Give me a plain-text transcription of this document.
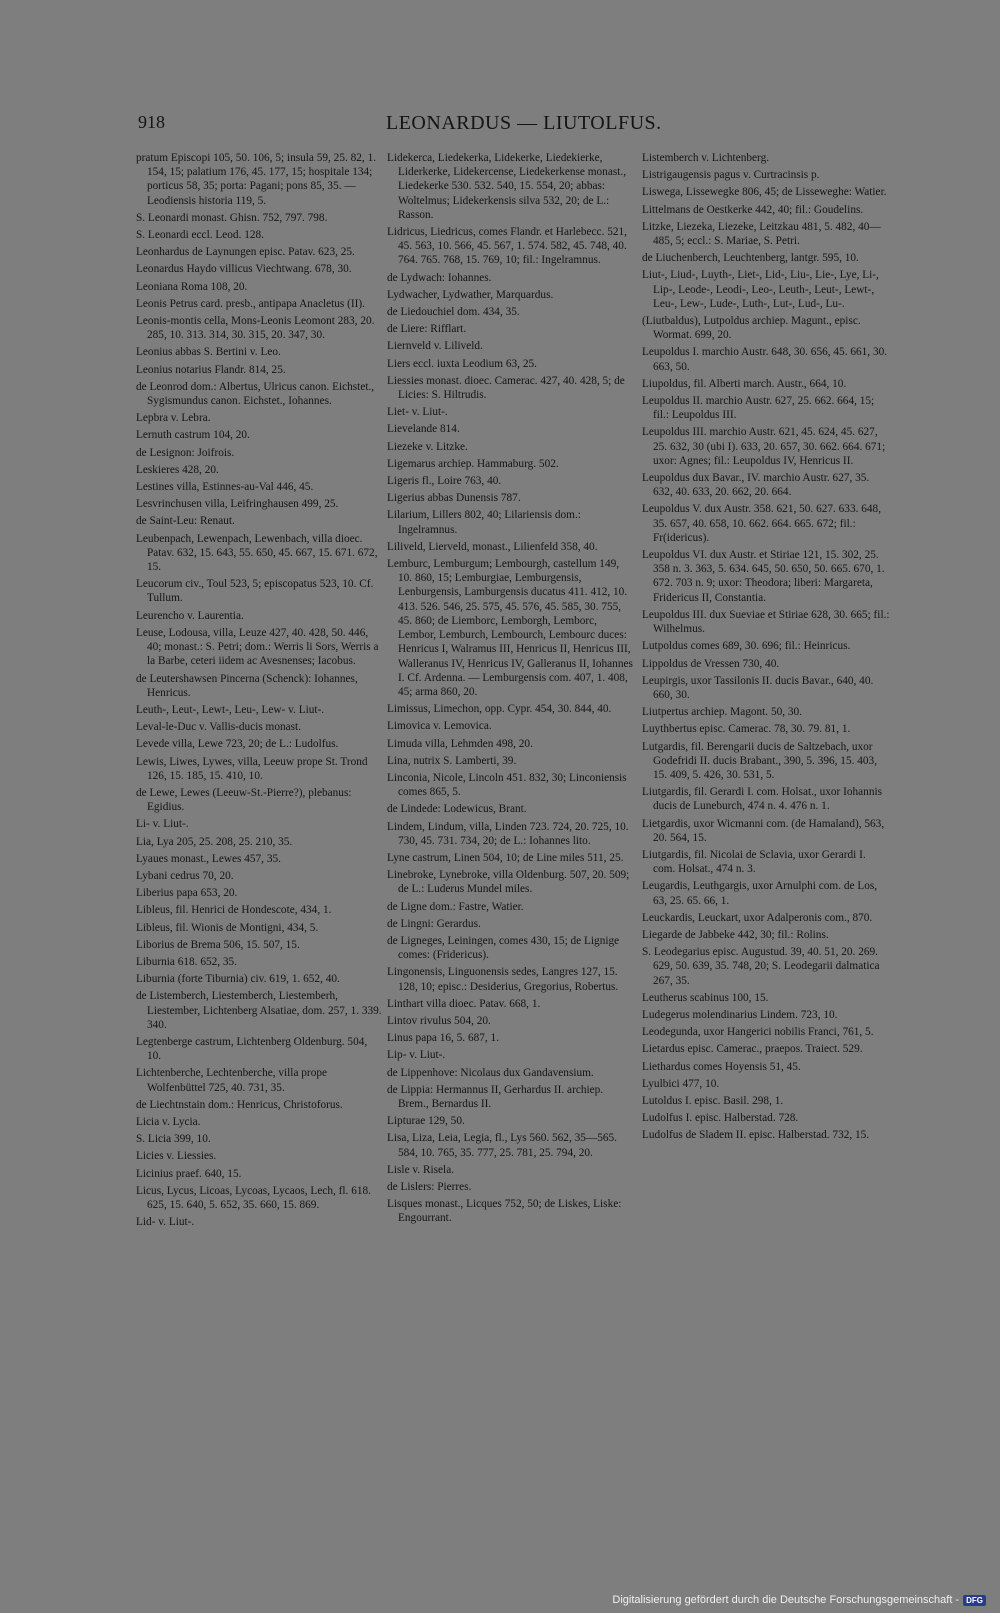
918	LEONARDUS — LIUTOLFUS.
pratum Episcopi 105, 50. 106, 5; insula 59, 25. 82, 1. 154, 15; palatium 176, 45. 177, 15; hospitale 134; porticus 58, 35; porta: Pagani; pons 85, 35. — Leodiensis historia 119, 5.
S. Leonardi monast. Ghisn. 752, 797. 798.
S. Leonardi eccl. Leod. 128.
Leonhardus de Laynungen episc. Patav. 623, 25.
Leonardus Haydo villicus Viechtwang. 678, 30.
Leoniana Roma 108, 20.
Leonis Petrus card. presb., antipapa Anacletus (II).
Leonis-montis cella, Mons-Leonis Leomont 283, 20. 285, 10. 313. 314, 30. 315, 20. 347, 30.
Leonius abbas S. Bertini v. Leo.
Leonius notarius Flandr. 814, 25.
de Leonrod dom.: Albertus, Ulricus canon. Eichstet., Sygismundus canon. Eichstet., Iohannes.
Lepbra v. Lebra.
Lernuth castrum 104, 20.
de Lesignon: Joifrois.
Leskieres 428, 20.
Lestines villa, Estinnes-au-Val 446, 45.
Lesvrinchusen villa, Leifringhausen 499, 25.
de Saint-Leu: Renaut.
Leubenpach, Lewenpach, Lewenbach, villa dioec. Patav. 632, 15. 643, 55. 650, 45. 667, 15. 671. 672, 15.
Leucorum civ., Toul 523, 5; episcopatus 523, 10. Cf. Tullum.
Leurencho v. Laurentia.
Leuse, Lodousa, villa, Leuze 427, 40. 428, 50. 446, 40; monast.: S. Petri; dom.: Werris li Sors, Werris a la Barbe, ceteri iidem ac Avesnenses; Iacobus.
de Leutershawsen Pincerna (Schenck): Iohannes, Henricus.
Leuth-, Leut-, Lewt-, Leu-, Lew- v. Liut-.
Leval-le-Duc v. Vallis-ducis monast.
Levede villa, Lewe 723, 20; de L.: Ludolfus.
Lewis, Liwes, Lywes, villa, Leeuw prope St. Trond 126, 15. 185, 15. 410, 10.
de Lewe, Lewes (Leeuw-St.-Pierre?), plebanus: Egidius.
Li- v. Liut-.
Lia, Lya 205, 25. 208, 25. 210, 35.
Lyaues monast., Lewes 457, 35.
Lybani cedrus 70, 20.
Liberius papa 653, 20.
Libleus, fil. Henrici de Hondescote, 434, 1.
Libleus, fil. Wionis de Montigni, 434, 5.
Liborius de Brema 506, 15. 507, 15.
Liburnia 618. 652, 35.
Liburnia (forte Tiburnia) civ. 619, 1. 652, 40.
de Listemberch, Liestemberch, Liestemberh, Liestember, Lichtenberg Alsatiae, dom. 257, 1. 339. 340.
Legtenberge castrum, Lichtenberg Oldenburg. 504, 10.
Lichtenberche, Lechtenberche, villa prope Wolfenbüttel 725, 40. 731, 35.
de Liechtnstain dom.: Henricus, Christoforus.
Licia v. Lycia.
S. Licia 399, 10.
Licies v. Liessies.
Licinius praef. 640, 15.
Licus, Lycus, Licoas, Lycoas, Lycaos, Lech, fl. 618. 625, 15. 640, 5. 652, 35. 660, 15. 869.
Lid- v. Liut-.
Lidekerca, Liedekerka, Lidekerke, Liedekierke, Liderkerke, Lidekercense, Liedekerkense monast., Liedekerke 530. 532. 540, 15. 554, 20; abbas: Woltelmus; Lidekerkensis silva 532, 20; de L.: Rasson.
Lidricus, Liedricus, comes Flandr. et Harlebecc. 521, 45. 563, 10. 566, 45. 567, 1. 574. 582, 45. 748, 40. 764. 765. 768, 15. 769, 10; fil.: Ingelramnus.
de Lydwach: Iohannes.
Lydwacher, Lydwather, Marquardus.
de Liedouchiel dom. 434, 35.
de Liere: Rifflart.
Liernveld v. Liliveld.
Liers eccl. iuxta Leodium 63, 25.
Liessies monast. dioec. Camerac. 427, 40. 428, 5; de Licies: S. Hiltrudis.
Liet- v. Liut-.
Lievelande 814.
Liezeke v. Litzke.
Ligemarus archiep. Hammaburg. 502.
Ligeris fl., Loire 763, 40.
Ligerius abbas Dunensis 787.
Lilarium, Lillers 802, 40; Lilariensis dom.: Ingelramnus.
Liliveld, Lierveld, monast., Lilienfeld 358, 40.
Lemburc, Lemburgum; Lembourgh, castellum 149, 10. 860, 15; Lemburgiae, Lemburgensis, Lenburgensis, Lamburgensis ducatus 411. 412, 10. 413. 526. 546, 25. 575, 45. 576, 45. 585, 30. 755, 45. 860; de Liemborc, Lemborgh, Lemborc, Lembor, Lemburch, Lembourch, Lembourc duces: Henricus I, Walramus III, Henricus II, Henricus III, Walleranus IV, Henricus IV, Galleranus II, Iohannes I. Cf. Ardenna. — Lemburgensis com. 407, 1. 408, 45; arma 860, 20.
Limissus, Limechon, opp. Cypr. 454, 30. 844, 40.
Limovica v. Lemovica.
Limuda villa, Lehmden 498, 20.
Lina, nutrix S. Lamberti, 39.
Linconia, Nicole, Lincoln 451. 832, 30; Linconiensis comes 865, 5.
de Lindede: Lodewicus, Brant.
Lindem, Lindum, villa, Linden 723. 724, 20. 725, 10. 730, 45. 731. 734, 20; de L.: Iohannes lito.
Lyne castrum, Linen 504, 10; de Line miles 511, 25.
Linebroke, Lynebroke, villa Oldenburg. 507, 20. 509; de L.: Luderus Mundel miles.
de Ligne dom.: Fastre, Watier.
de Lingni: Gerardus.
de Ligneges, Leiningen, comes 430, 15; de Lignige comes: (Fridericus).
Lingonensis, Linguonensis sedes, Langres 127, 15. 128, 10; episc.: Desiderius, Gregorius, Robertus.
Linthart villa dioec. Patav. 668, 1.
Lintov rivulus 504, 20.
Linus papa 16, 5. 687, 1.
Lip- v. Liut-.
de Lippenhove: Nicolaus dux Gandavensium.
de Lippia: Hermannus II, Gerhardus II. archiep. Brem., Bernardus II.
Lipturae 129, 50.
Lisa, Liza, Leia, Legia, fl., Lys 560. 562, 35—565. 584, 10. 765, 35. 777, 25. 781, 25. 794, 20.
Lisle v. Risela.
de Lislers: Pierres.
Lisques monast., Licques 752, 50; de Liskes, Liske: Engourrant.
Listemberch v. Lichtenberg.
Listrigaugensis pagus v. Curtracinsis p.
Liswega, Lissewegke 806, 45; de Lisseweghe: Watier.
Littelmans de Oestkerke 442, 40; fil.: Goudelins.
Litzke, Liezeka, Liezeke, Leitzkau 481, 5. 482, 40—485, 5; eccl.: S. Mariae, S. Petri.
de Liuchenberch, Leuchtenberg, lantgr. 595, 10.
Liut-, Liud-, Luyth-, Liet-, Lid-, Liu-, Lie-, Lye, Li-, Lip-, Leode-, Leodi-, Leo-, Leuth-, Leut-, Lewt-, Leu-, Lew-, Lude-, Luth-, Lut-, Lud-, Lu-.
(Liutbaldus), Lutpoldus archiep. Magunt., episc. Wormat. 699, 20.
Leupoldus I. marchio Austr. 648, 30. 656, 45. 661, 30. 663, 50.
Liupoldus, fil. Alberti march. Austr., 664, 10.
Leupoldus II. marchio Austr. 627, 25. 662. 664, 15; fil.: Leupoldus III.
Leupoldus III. marchio Austr. 621, 45. 624, 45. 627, 25. 632, 30 (ubi I). 633, 20. 657, 30. 662. 664. 671; uxor: Agnes; fil.: Leupoldus IV, Henricus II.
Leupoldus dux Bavar., IV. marchio Austr. 627, 35. 632, 40. 633, 20. 662, 20. 664.
Leupoldus V. dux Austr. 358. 621, 50. 627. 633. 648, 35. 657, 40. 658, 10. 662. 664. 665. 672; fil.: Fr(idericus).
Leupoldus VI. dux Austr. et Stiriae 121, 15. 302, 25. 358 n. 3. 363, 5. 634. 645, 50. 650, 50. 665. 670, 1. 672. 703 n. 9; uxor: Theodora; liberi: Margareta, Fridericus II, Constantia.
Leupoldus III. dux Sueviae et Stiriae 628, 30. 665; fil.: Wilhelmus.
Lutpoldus comes 689, 30. 696; fil.: Heinricus.
Lippoldus de Vressen 730, 40.
Leupirgis, uxor Tassilonis II. ducis Bavar., 640, 40. 660, 30.
Liutpertus archiep. Magont. 50, 30.
Luythbertus episc. Camerac. 78, 30. 79. 81, 1.
Lutgardis, fil. Berengarii ducis de Saltzebach, uxor Godefridi II. ducis Brabant., 390, 5. 396, 15. 403, 15. 409, 5. 426, 30. 531, 5.
Liutgardis, fil. Gerardi I. com. Holsat., uxor Iohannis ducis de Luneburch, 474 n. 4. 476 n. 1.
Lietgardis, uxor Wicmanni com. (de Hamaland), 563, 20. 564, 15.
Liutgardis, fil. Nicolai de Sclavia, uxor Gerardi I. com. Holsat., 474 n. 3.
Leugardis, Leuthgargis, uxor Arnulphi com. de Los, 63, 25. 65. 66, 1.
Leuckardis, Leuckart, uxor Adalperonis com., 870.
Liegarde de Jabbeke 442, 30; fil.: Rolins.
S. Leodegarius episc. Augustud. 39, 40. 51, 20. 269. 629, 50. 639, 35. 748, 20; S. Leodegarii dalmatica 267, 35.
Leutherus scabinus 100, 15.
Ludegerus molendinarius Lindem. 723, 10.
Leodegunda, uxor Hangerici nobilis Franci, 761, 5.
Lietardus episc. Camerac., praepos. Traiect. 529.
Liethardus comes Hoyensis 51, 45.
Lyulbici 477, 10.
Lutoldus I. episc. Basil. 298, 1.
Ludolfus I. episc. Halberstad. 728.
Ludolfus de Sladem II. episc. Halberstad. 732, 15.
Digitalisierung gefördert durch die Deutsche Forschungsgemeinschaft - DFG
